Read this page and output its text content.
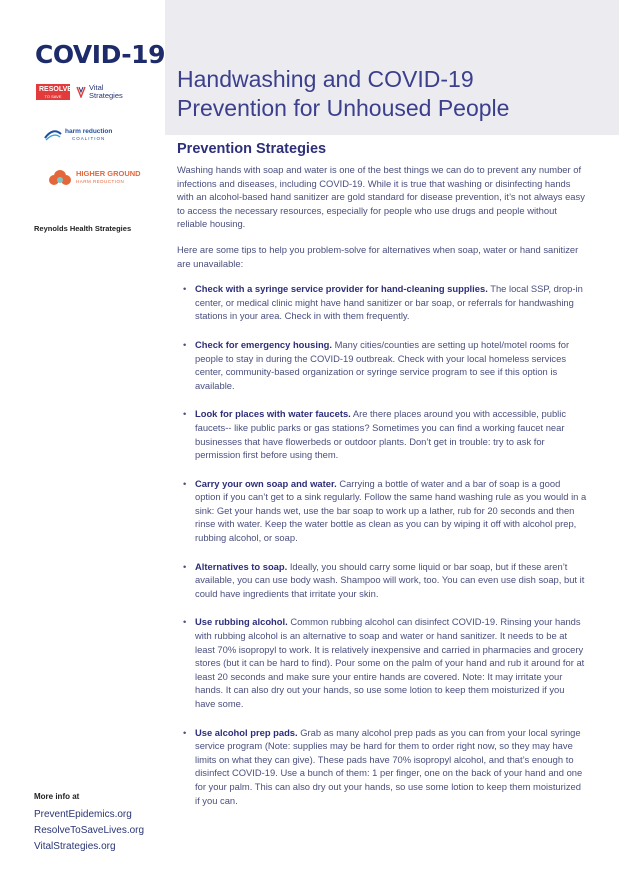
COVID-19
RESOLVE
TO SAVE LIVES
Vital
Strategies
harm reduction
COALITION
HIGHER GROUND
HARM REDUCTION
Reynolds Health Strategies
More info at
PreventEpidemics.org
ResolveToSaveLives.org
VitalStrategies.org
Handwashing and COVID-19
Prevention for Unhoused People
Prevention Strategies

Washing hands with soap and water is one of the best things we can do to prevent any number of infections and diseases, including COVID-19. While it is true that washing or disinfecting hands with an alcohol-based hand sanitizer are gold standard for disease prevention, it’s not always easy to access the necessary resources, especially for people who use drugs and people without reliable housing.

Here are some tips to help you problem-solve for alternatives when soap, water or hand sanitizer are unavailable:

• Check with a syringe service provider for hand-cleaning supplies. The local SSP, drop-in center, or medical clinic might have hand sanitizer or bar soap, or referrals for handwashing stations in your area. Check in with them frequently.
• Check for emergency housing. Many cities/counties are setting up hotel/motel rooms for people to stay in during the COVID-19 outbreak. Check with your local homeless services center, community-based organization or syringe service program to see if this option is available.
• Look for places with water faucets. Are there places around you with accessible, public faucets-- like public parks or gas stations? Sometimes you can find a working faucet near businesses that have flowerbeds or outdoor plants. Don’t get in trouble: try to ask for permission first before using them.
• Carry your own soap and water. Carrying a bottle of water and a bar of soap is a good option if you can’t get to a sink regularly. Follow the same hand washing rule as you would in a sink: Get your hands wet, use the bar soap to work up a lather, rub for 20 seconds and then rinse with water. Keep the water bottle as clean as you can by wiping it off with alcohol prep, rubbing alcohol, or soap.
• Alternatives to soap. Ideally, you should carry some liquid or bar soap, but if these aren’t available, you can use body wash. Shampoo will work, too. You can even use dish soap, but it could have ingredients that irritate your skin.
• Use rubbing alcohol. Common rubbing alcohol can disinfect COVID-19. Rinsing your hands with rubbing alcohol is an alternative to soap and water or hand sanitizer. It needs to be at least 70% isopropyl to work. It is relatively inexpensive and carried in pharmacies and grocery stores (but it can be hard to find). Pour some on the palm of your hand and rub it around for at least 20 seconds and make sure your entire hands are covered. Note: It may irritate your hands. It can also dry out your hands, so use some lotion to keep them moisturized if you have some.
• Use alcohol prep pads. Grab as many alcohol prep pads as you can from your local syringe service program (Note: supplies may be hard for them to order right now, so they may have limits on what they can give). These pads have 70% isopropyl alcohol, and that’s enough to disinfect COVID-19. Use a bunch of them: 1 per finger, one on the back of your hand and one for your palm. This can also dry out your hands, so use some lotion to keep them moisturized if you can.
